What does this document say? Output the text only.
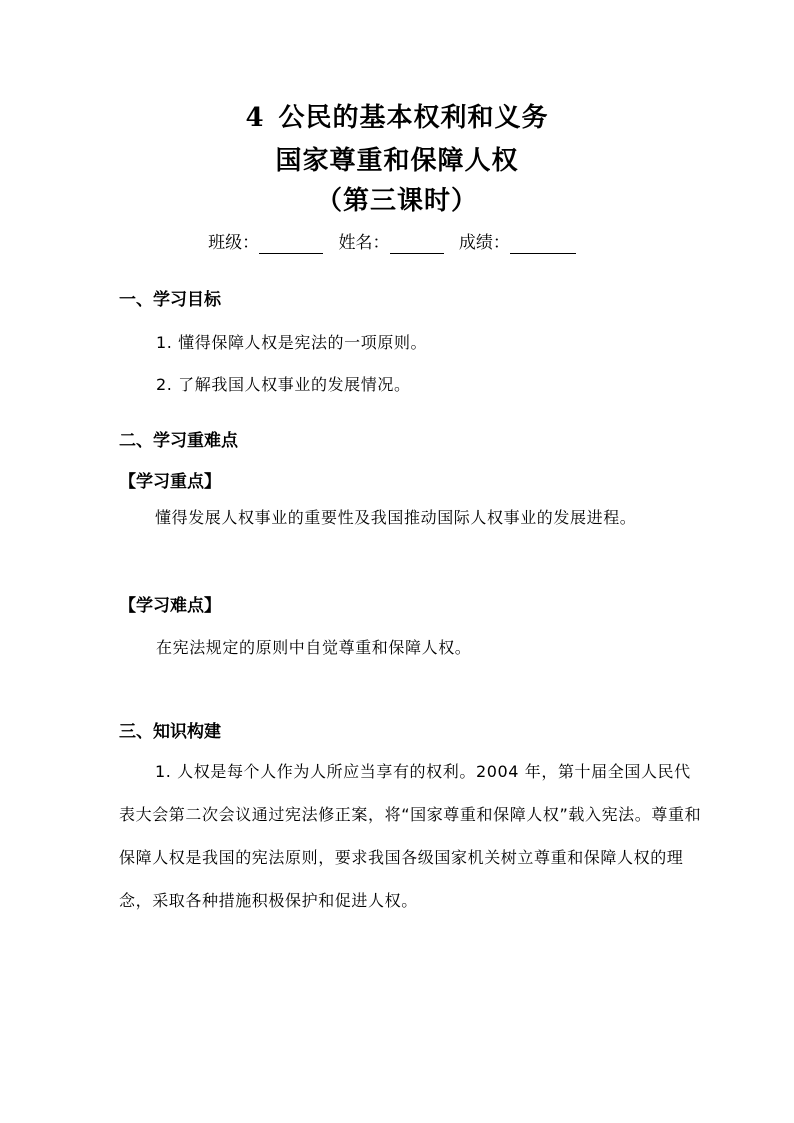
4 公民的基本权利和义务
国家尊重和保障人权
（第三课时）
班级：	姓名：	成绩：
一、学习目标
1. 懂得保障人权是宪法的一项原则。
2. 了解我国人权事业的发展情况。
二、学习重难点
【学习重点】
懂得发展人权事业的重要性及我国推动国际人权事业的发展进程。
【学习难点】
在宪法规定的原则中自觉尊重和保障人权。
三、知识构建
1. 人权是每个人作为人所应当享有的权利。2004 年，第十届全国人民代表大会第二次会议通过宪法修正案，将“国家尊重和保障人权”载入宪法。尊重和保障人权是我国的宪法原则，要求我国各级国家机关树立尊重和保障人权的理念，采取各种措施积极保护和促进人权。
